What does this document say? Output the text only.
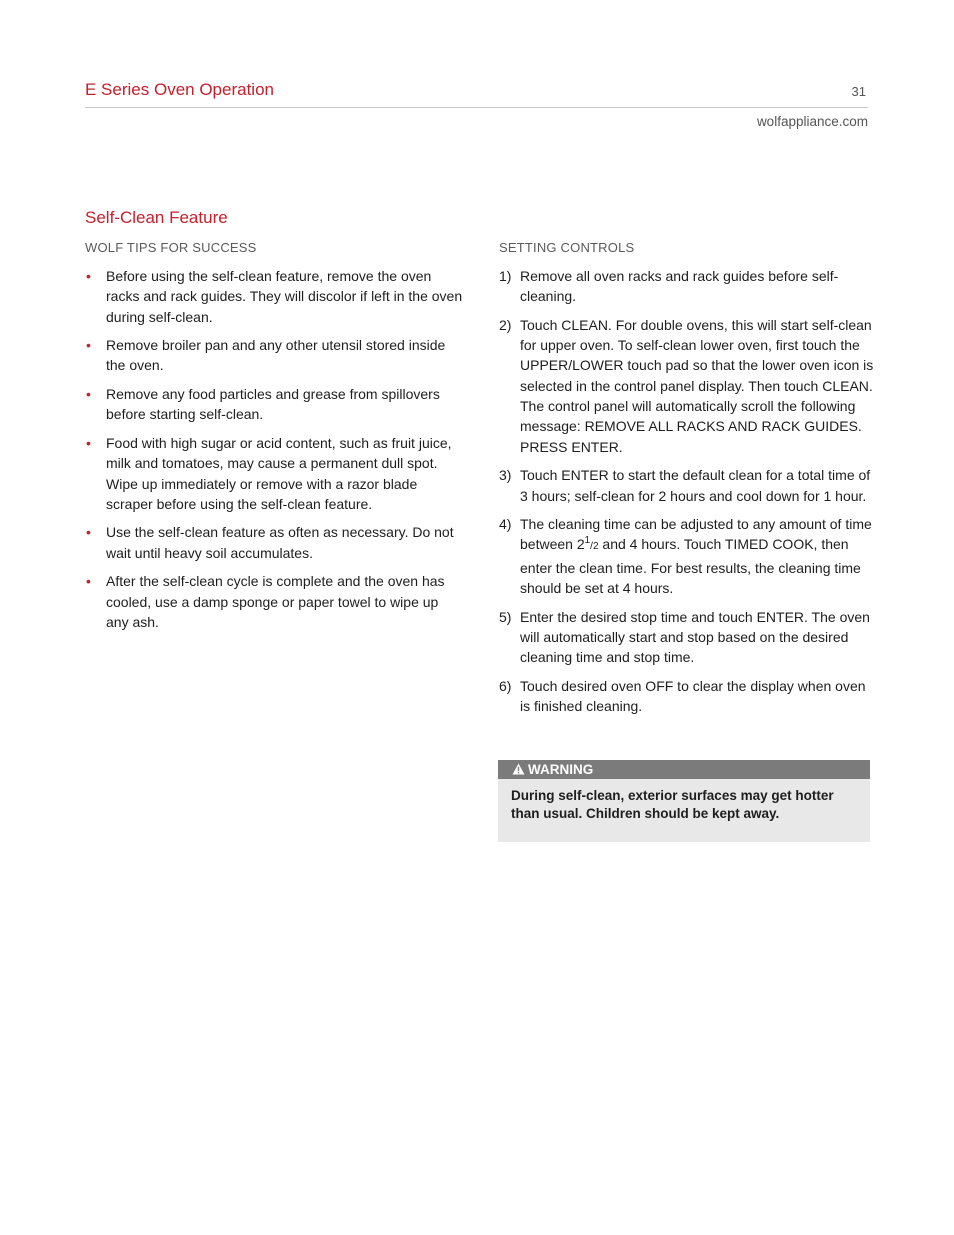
E Series Oven Operation	31
wolfappliance.com
Self-Clean Feature
WOLF TIPS FOR SUCCESS
• Before using the self-clean feature, remove the oven racks and rack guides. They will discolor if left in the oven during self-clean.
• Remove broiler pan and any other utensil stored inside the oven.
• Remove any food particles and grease from spillovers before starting self-clean.
• Food with high sugar or acid content, such as fruit juice, milk and tomatoes, may cause a permanent dull spot. Wipe up immediately or remove with a razor blade scraper before using the self-clean feature.
• Use the self-clean feature as often as necessary. Do not wait until heavy soil accumulates.
• After the self-clean cycle is complete and the oven has cooled, use a damp sponge or paper towel to wipe up any ash.
SETTING CONTROLS
1) Remove all oven racks and rack guides before self-cleaning.
2) Touch CLEAN. For double ovens, this will start self-clean for upper oven. To self-clean lower oven, first touch the UPPER/LOWER touch pad so that the lower oven icon is selected in the control panel display. Then touch CLEAN. The control panel will automatically scroll the following message: REMOVE ALL RACKS AND RACK GUIDES. PRESS ENTER.
3) Touch ENTER to start the default clean for a total time of 3 hours; self-clean for 2 hours and cool down for 1 hour.
4) The cleaning time can be adjusted to any amount of time between $2^1/2$ and 4 hours. Touch TIMED COOK, then enter the clean time. For best results, the cleaning time should be set at 4 hours.
5) Enter the desired stop time and touch ENTER. The oven will automatically start and stop based on the desired cleaning time and stop time.
6) Touch desired oven OFF to clear the display when oven is finished cleaning.
WARNING
During self-clean, exterior surfaces may get hotter than usual. Children should be kept away.
